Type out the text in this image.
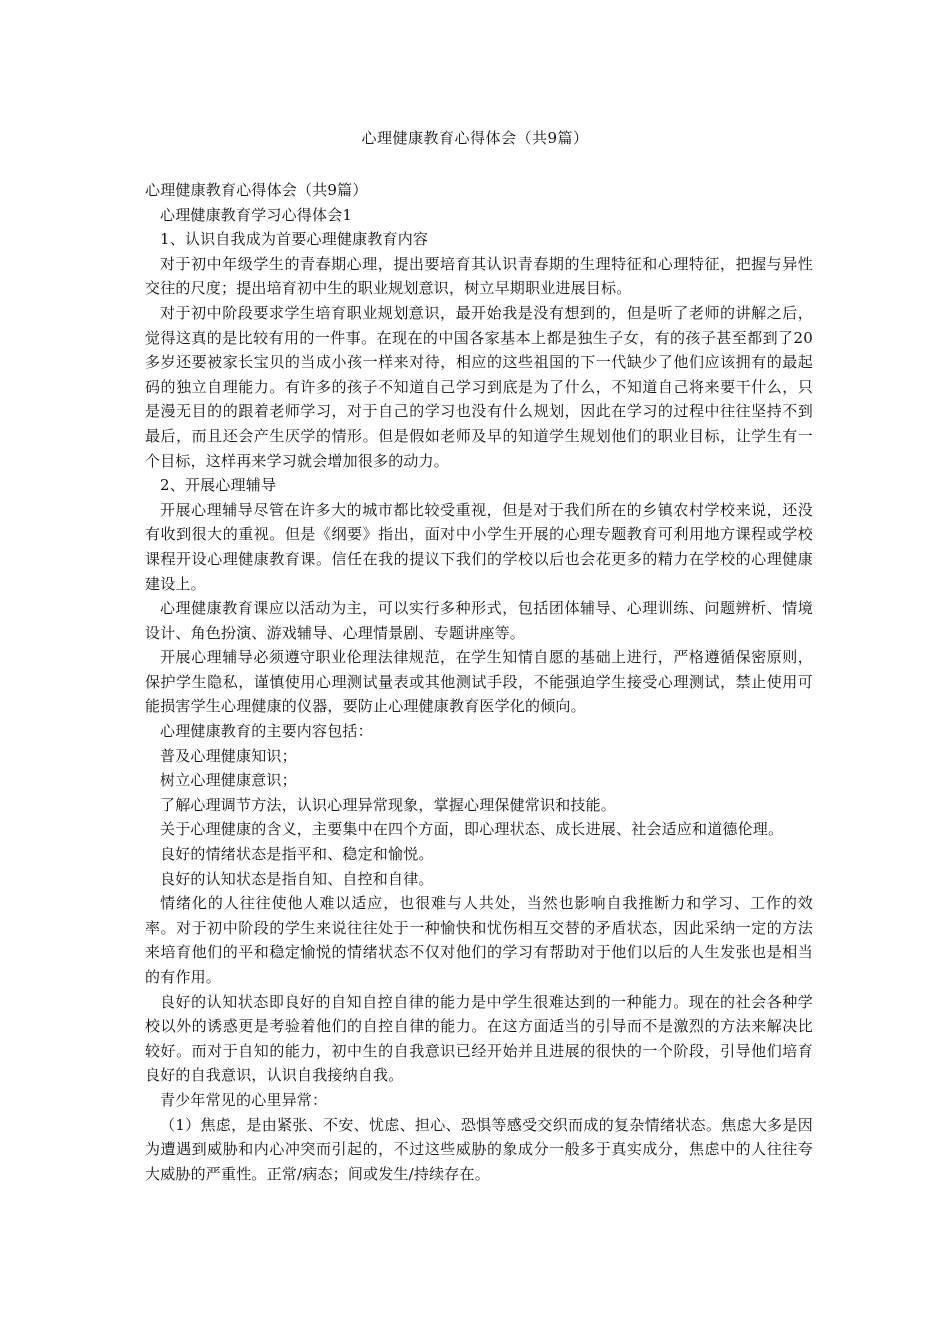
心理健康教育心得体会（共9篇）

心理健康教育心得体会（共9篇）

心理健康教育学习心得体会1

1、认识自我成为首要心理健康教育内容

对于初中年级学生的青春期心理，提出要培育其认识青春期的生理特征和心理特征，把握与异性交往的尺度；提出培育初中生的职业规划意识，树立早期职业进展目标。

对于初中阶段要求学生培育职业规划意识，最开始我是没有想到的，但是听了老师的讲解之后，觉得这真的是比较有用的一件事。在现在的中国各家基本上都是独生子女，有的孩子甚至都到了20多岁还要被家长宝贝的当成小孩一样来对待，相应的这些祖国的下一代缺少了他们应该拥有的最起码的独立自理能力。有许多的孩子不知道自己学习到底是为了什么，不知道自己将来要干什么，只是漫无目的的跟着老师学习，对于自己的学习也没有什么规划，因此在学习的过程中往往坚持不到最后，而且还会产生厌学的情形。但是假如老师及早的知道学生规划他们的职业目标，让学生有一个目标，这样再来学习就会增加很多的动力。

2、开展心理辅导

开展心理辅导尽管在许多大的城市都比较受重视，但是对于我们所在的乡镇农村学校来说，还没有收到很大的重视。但是《纲要》指出，面对中小学生开展的心理专题教育可利用地方课程或学校课程开设心理健康教育课。信任在我的提议下我们的学校以后也会花更多的精力在学校的心理健康建设上。

心理健康教育课应以活动为主，可以实行多种形式，包括团体辅导、心理训练、问题辨析、情境设计、角色扮演、游戏辅导、心理情景剧、专题讲座等。

开展心理辅导必须遵守职业伦理法律规范，在学生知情自愿的基础上进行，严格遵循保密原则，保护学生隐私，谨慎使用心理测试量表或其他测试手段，不能强迫学生接受心理测试，禁止使用可能损害学生心理健康的仪器，要防止心理健康教育医学化的倾向。

心理健康教育的主要内容包括：

普及心理健康知识；

树立心理健康意识；

了解心理调节方法，认识心理异常现象，掌握心理保健常识和技能。

关于心理健康的含义，主要集中在四个方面，即心理状态、成长进展、社会适应和道德伦理。

良好的情绪状态是指平和、稳定和愉悦。

良好的认知状态是指自知、自控和自律。

情绪化的人往往使他人难以适应，也很难与人共处，当然也影响自我推断力和学习、工作的效率。对于初中阶段的学生来说往往处于一种愉快和忧伤相互交替的矛盾状态，因此采纳一定的方法来培育他们的平和稳定愉悦的情绪状态不仅对他们的学习有帮助对于他们以后的人生发张也是相当的有作用。

良好的认知状态即良好的自知自控自律的能力是中学生很难达到的一种能力。现在的社会各种学校以外的诱惑更是考验着他们的自控自律的能力。在这方面适当的引导而不是激烈的方法来解决比较好。而对于自知的能力，初中生的自我意识已经开始并且进展的很快的一个阶段，引导他们培育良好的自我意识，认识自我接纳自我。

青少年常见的心里异常：

（1）焦虑，是由紧张、不安、忧虑、担心、恐惧等感受交织而成的复杂情绪状态。焦虑大多是因为遭遇到威胁和内心冲突而引起的，不过这些威胁的象成分一般多于真实成分，焦虑中的人往往夸大威胁的严重性。正常/病态；间或发生/持续存在。
